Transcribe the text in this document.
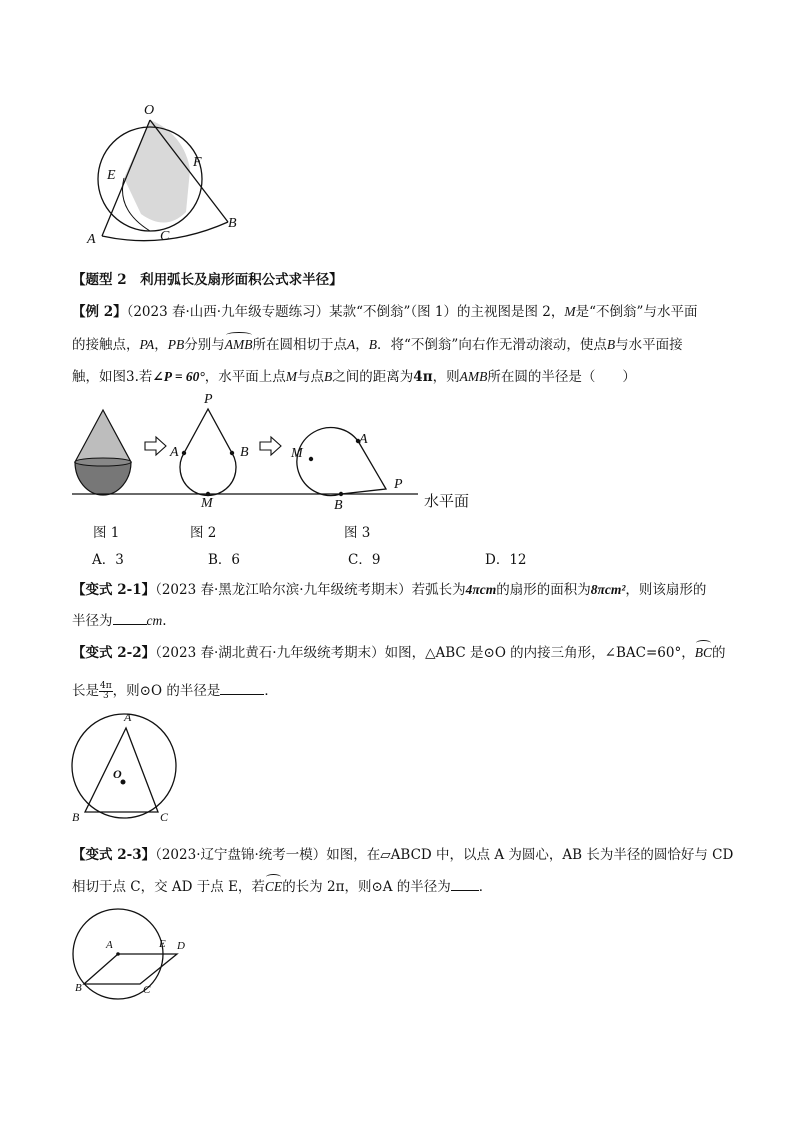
O
E
F
A	C
B
【题型 2　利用弧长及扇形面积公式求半径】
【例 2】（2023 春·山西·九年级专题练习）某款“不倒翁”（图 1）的主视图是图 2，M是“不倒翁”与水平面
的接触点，PA，PB分别与AMB所在圆相切于点A，B．将“不倒翁”向右作无滑动滚动，使点B与水平面接
触，如图3.若∠P = 60°，水平面上点M与点B之间的距离为4π，则AMB所在圆的半径是（　　）
P
A	B
M
M
A
P
B	水平面
图 1	图 2	图 3
A．3	B．6	C．9	D．12
【变式 2-1】（2023 春·黑龙江哈尔滨·九年级统考期末）若弧长为4πcm的扇形的面积为8πcm²，则该扇形的
半径为	cm.
【变式 2-2】（2023 春·湖北黄石·九年级统考期末）如图，△ABC 是⊙O 的内接三角形，∠BAC=60°，BC的
长是 $\frac{4\pi}{3}$ ，则⊙O 的半径是	．
A
O
B	C
【变式 2-3】（2023·辽宁盘锦·统考一模）如图，在▱ABCD 中，以点 A 为圆心，AB 长为半径的圆恰好与 CD
相切于点 C，交 AD 于点 E，若CE的长为 2π，则⊙A 的半径为 ．
A	E D
B	C
